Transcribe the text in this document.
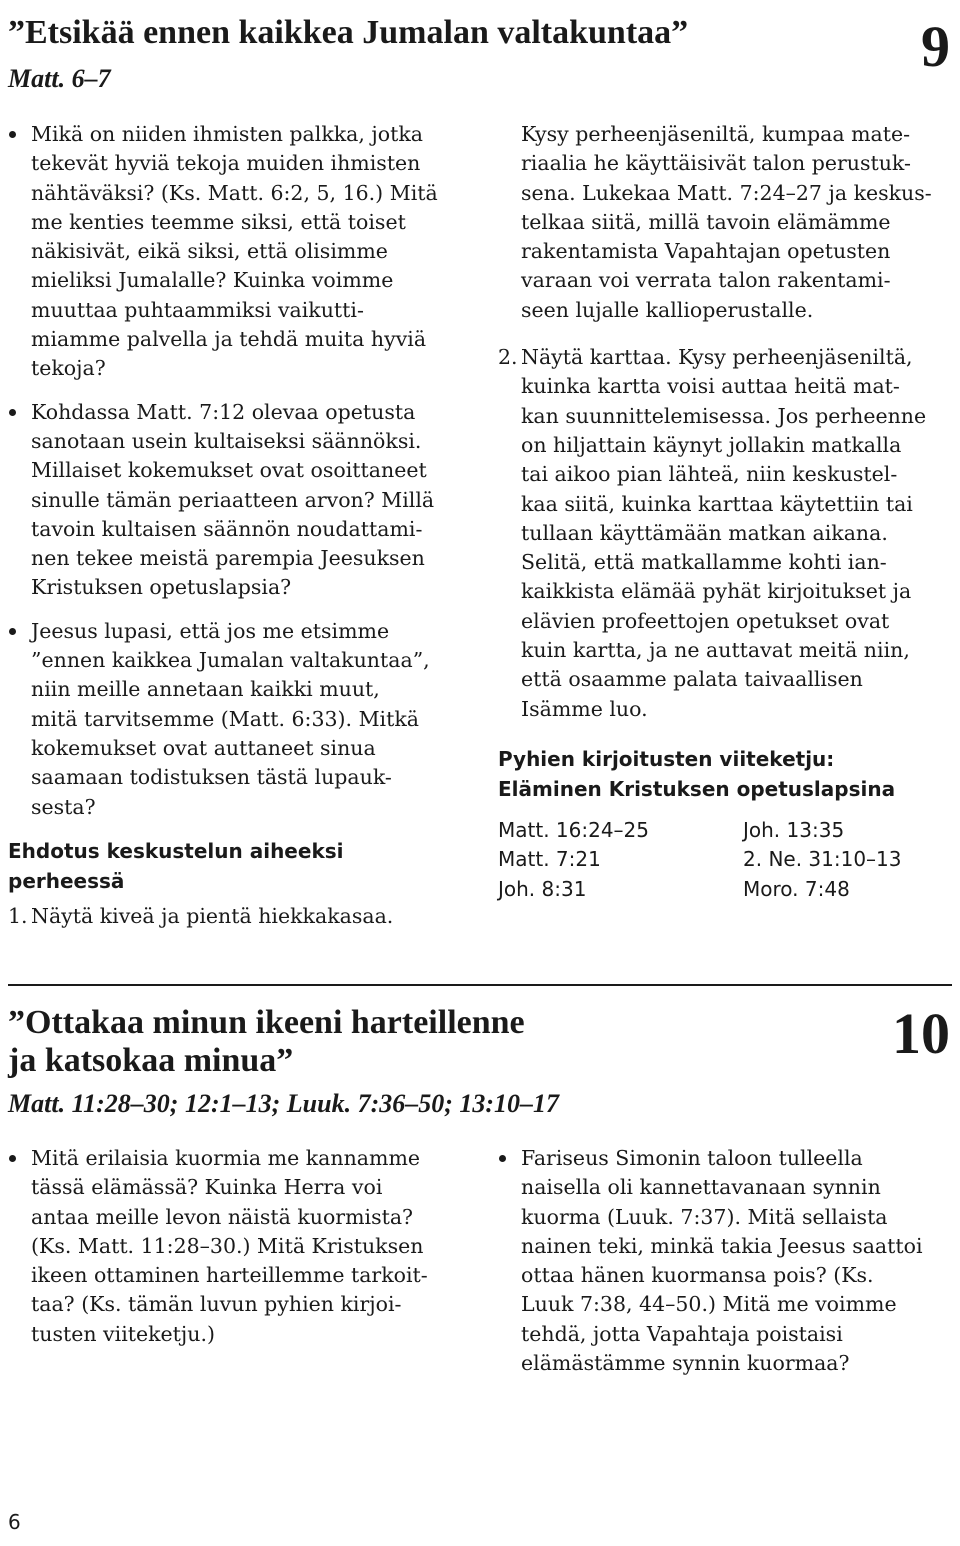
”Etsikää ennen kaikkea Jumalan valtakuntaa”	9
Matt. 6–7
Mikä on niiden ihmisten palkka, jotka
tekevät hyviä tekoja muiden ihmisten
nähtäväksi? (Ks. Matt. 6:2, 5, 16.) Mitä
me kenties teemme siksi, että toiset
näkisivät, eikä siksi, että olisimme
mieliksi Jumalalle? Kuinka voimme
muuttaa puhtaammiksi vaikutti-
miamme palvella ja tehdä muita hyviä
tekoja?
Kohdassa Matt. 7:12 olevaa opetusta
sanotaan usein kultaiseksi säännöksi.
Millaiset kokemukset ovat osoittaneet
sinulle tämän periaatteen arvon? Millä
tavoin kultaisen säännön noudattami-
nen tekee meistä parempia Jeesuksen
Kristuksen opetuslapsia?
Jeesus lupasi, että jos me etsimme
”ennen kaikkea Jumalan valtakuntaa”,
niin meille annetaan kaikki muut,
mitä tarvitsemme (Matt. 6:33). Mitkä
kokemukset ovat auttaneet sinua
saamaan todistuksen tästä lupauk-
sesta?
Ehdotus keskustelun aiheeksi
perheessä
1. Näytä kiveä ja pientä hiekkakasaa.

Kysy perheenjäseniltä, kumpaa mate-
riaalia he käyttäisivät talon perustuk-
sena. Lukekaa Matt. 7:24–27 ja keskus-
telkaa siitä, millä tavoin elämämme
rakentamista Vapahtajan opetusten
varaan voi verrata talon rakentami-
seen lujalle kallioperustalle.

2. Näytä karttaa. Kysy perheenjäseniltä,
kuinka kartta voisi auttaa heitä mat-
kan suunnittelemisessa. Jos perheenne
on hiljattain käynyt jollakin matkalla
tai aikoo pian lähteä, niin keskustel-
kaa siitä, kuinka karttaa käytettiin tai
tullaan käyttämään matkan aikana.
Selitä, että matkallamme kohti ian-
kaikkista elämää pyhät kirjoitukset ja
elävien profeettojen opetukset ovat
kuin kartta, ja ne auttavat meitä niin,
että osaamme palata taivaallisen
Isämme luo.

Pyhien kirjoitusten viiteketju:
Eläminen Kristuksen opetuslapsina
Matt. 16:24–25	Joh. 13:35
Matt. 7:21	2. Ne. 31:10–13
Joh. 8:31	Moro. 7:48
”Ottakaa minun ikeeni harteillenne
ja katsokaa minua”	10
Matt. 11:28–30; 12:1–13; Luuk. 7:36–50; 13:10–17
Mitä erilaisia kuormia me kannamme
tässä elämässä? Kuinka Herra voi
antaa meille levon näistä kuormista?
(Ks. Matt. 11:28–30.) Mitä Kristuksen
ikeen ottaminen harteillemme tarkoit-
taa? (Ks. tämän luvun pyhien kirjoi-
tusten viiteketju.)
Fariseus Simonin taloon tulleella
naisella oli kannettavanaan synnin
kuorma (Luuk. 7:37). Mitä sellaista
nainen teki, minkä takia Jeesus saattoi
ottaa hänen kuormansa pois? (Ks.
Luuk 7:38, 44–50.) Mitä me voimme
tehdä, jotta Vapahtaja poistaisi
elämästämme synnin kuormaa?
6
